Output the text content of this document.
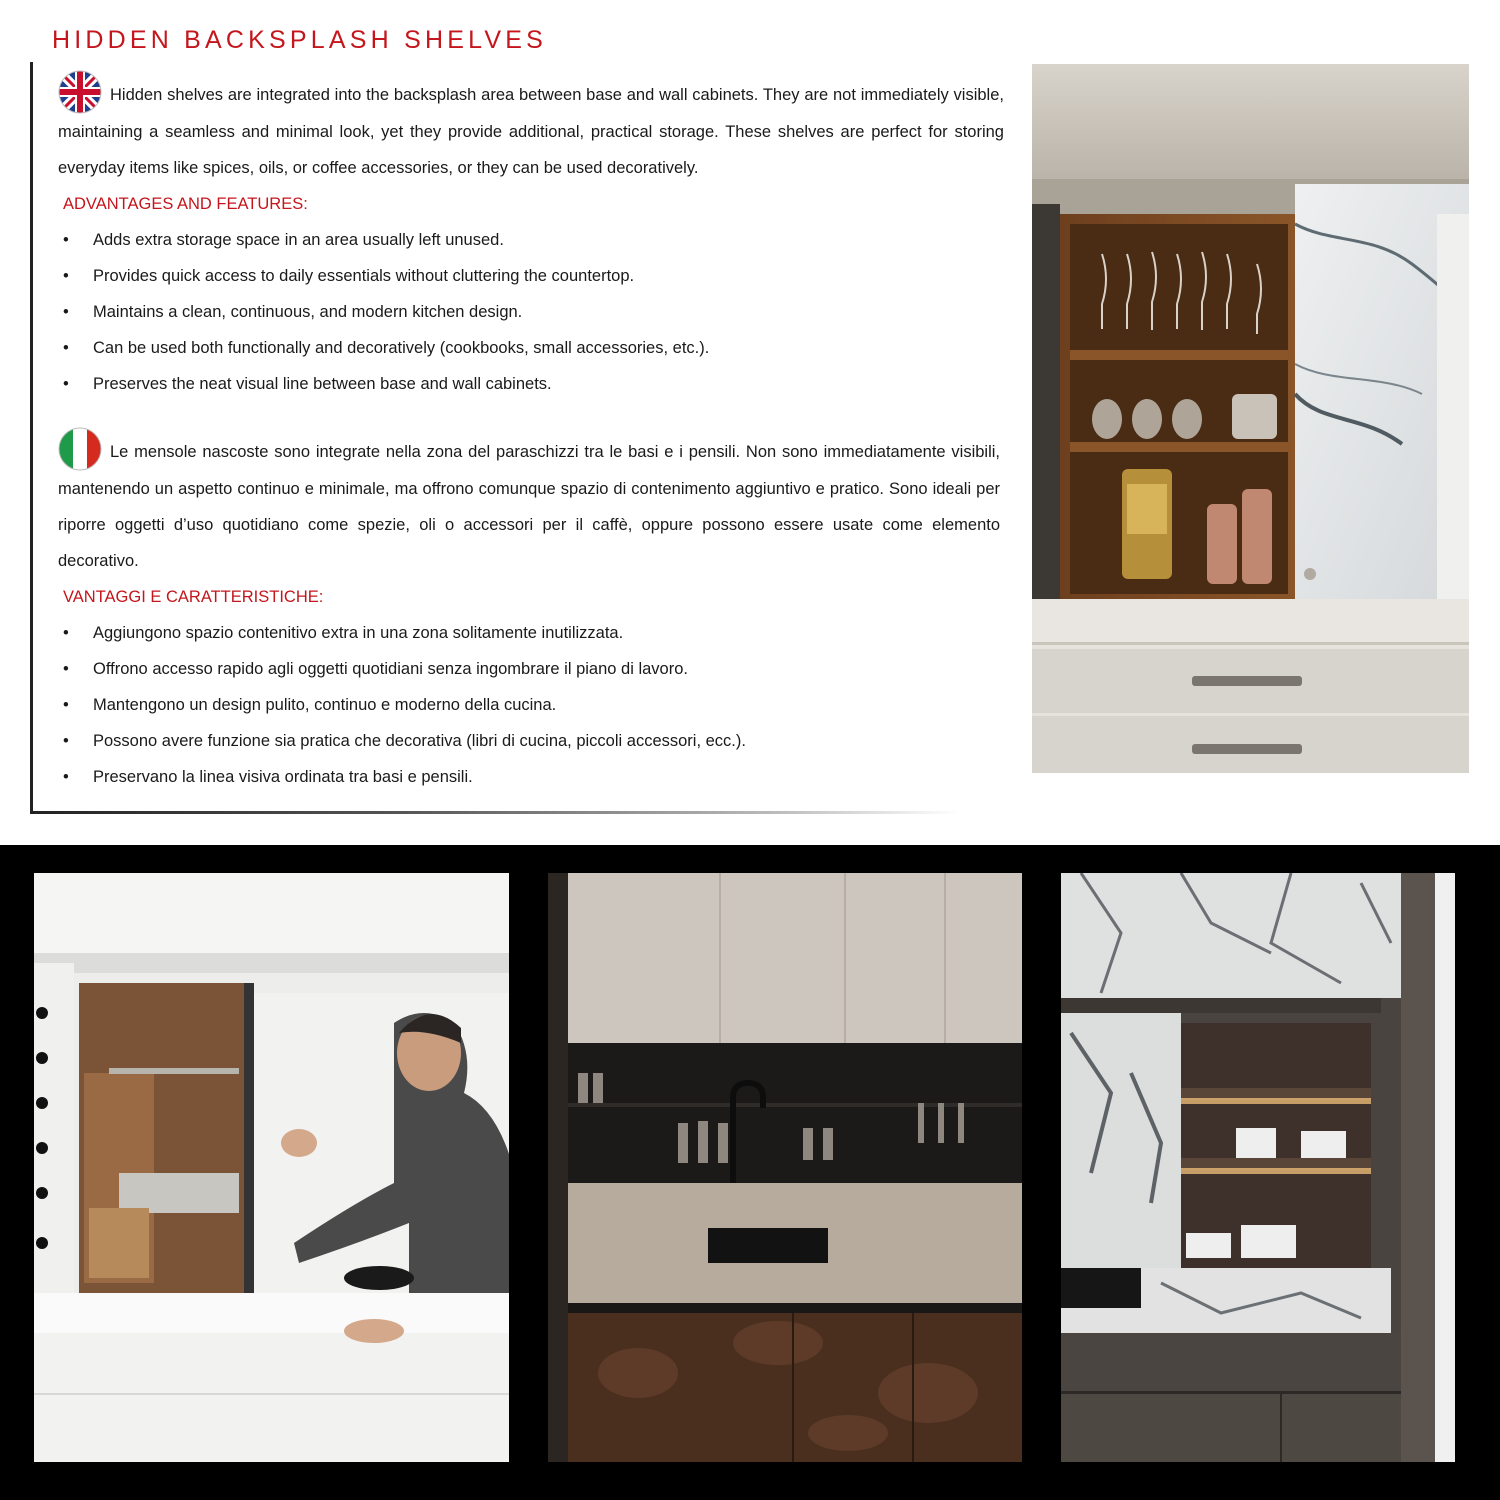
HIDDEN BACKSPLASH SHELVES

Hidden shelves are integrated into the backsplash area between base and wall cabinets. They are not immediately visible, maintaining a seamless and minimal look, yet they provide additional, practical storage. These shelves are perfect for storing everyday items like spices, oils, or coffee accessories, or they can be used decoratively.

ADVANTAGES AND FEATURES:

• Adds extra storage space in an area usually left unused.
• Provides quick access to daily essentials without cluttering the countertop.
• Maintains a clean, continuous, and modern kitchen design.
• Can be used both functionally and decoratively (cookbooks, small accessories, etc.).
• Preserves the neat visual line between base and wall cabinets.

Le mensole nascoste sono integrate nella zona del paraschizzi tra le basi e i pensili. Non sono immediatamente visibili, mantenendo un aspetto continuo e minimale, ma offrono comunque spazio di contenimento aggiuntivo e pratico. Sono ideali per riporre oggetti d’uso quotidiano come spezie, oli o accessori per il caffè, oppure possono essere usate come elemento decorativo.

VANTAGGI E CARATTERISTICHE:

• Aggiungono spazio contenitivo extra in una zona solitamente inutilizzata.
• Offrono accesso rapido agli oggetti quotidiani senza ingombrare il piano di lavoro.
• Mantengono un design pulito, continuo e moderno della cucina.
• Possono avere funzione sia pratica che decorativa (libri di cucina, piccoli accessori, ecc.).
• Preservano la linea visiva ordinata tra basi e pensili.
